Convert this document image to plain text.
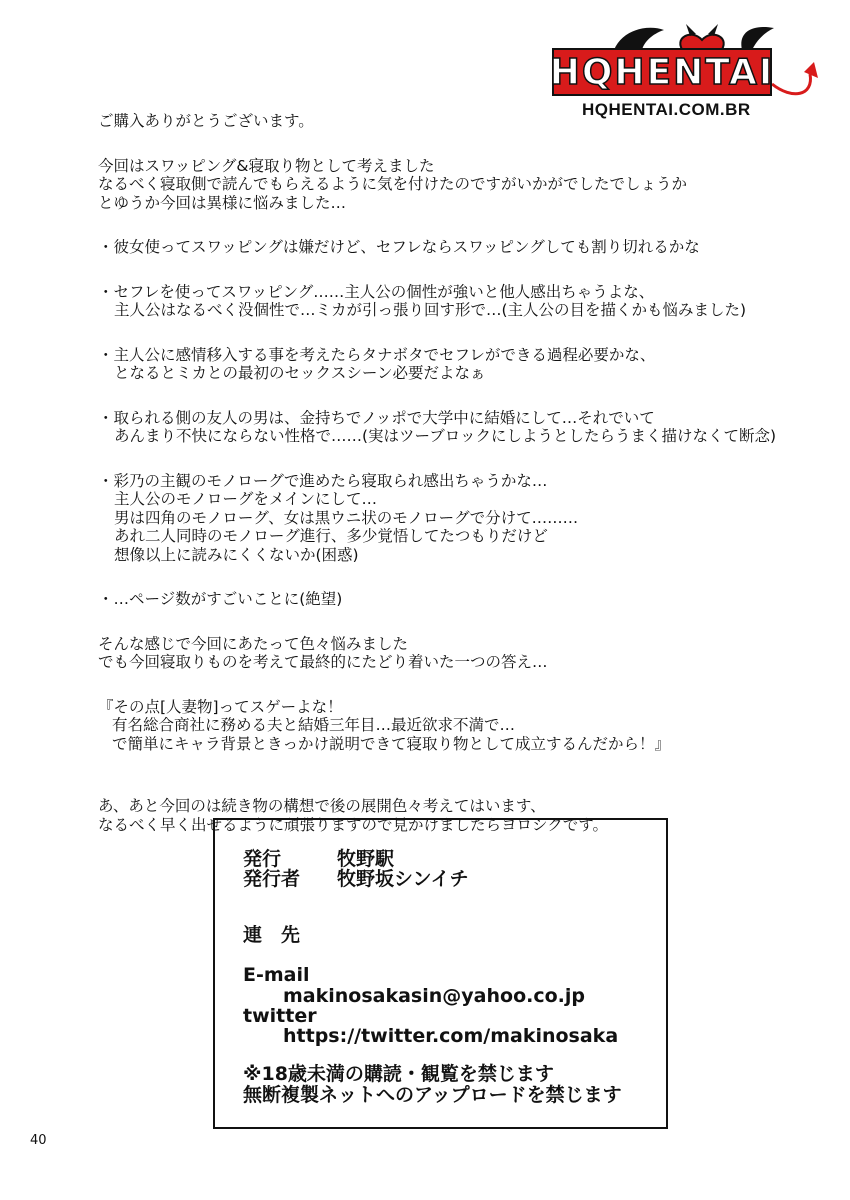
HQHENTAI
HQHENTAI.COM.BR
ご購入ありがとうございます。
今回はスワッピング&寝取り物として考えました
なるべく寝取側で読んでもらえるように気を付けたのですがいかがでしたでしょうか
とゆうか今回は異様に悩みました…
・彼女使ってスワッピングは嫌だけど、セフレならスワッピングしても割り切れるかな
・セフレを使ってスワッピング……主人公の個性が強いと他人感出ちゃうよな、
主人公はなるべく没個性で…ミカが引っ張り回す形で…(主人公の目を描くかも悩みました)
・主人公に感情移入する事を考えたらタナボタでセフレができる過程必要かな、
となるとミカとの最初のセックスシーン必要だよなぁ
・取られる側の友人の男は、金持ちでノッポで大学中に結婚にして…それでいて
あんまり不快にならない性格で……(実はツーブロックにしようとしたらうまく描けなくて断念)
・彩乃の主観のモノローグで進めたら寝取られ感出ちゃうかな…
主人公のモノローグをメインにして…
男は四角のモノローグ、女は黒ウニ状のモノローグで分けて………
あれ二人同時のモノローグ進行、多少覚悟してたつもりだけど
想像以上に読みにくくないか(困惑)
・…ページ数がすごいことに(絶望)
そんな感じで今回にあたって色々悩みました
でも今回寝取りものを考えて最終的にたどり着いた一つの答え…
『その点[人妻物]ってスゲーよな！
有名総合商社に務める夫と結婚三年目…最近欲求不満で…
で簡単にキャラ背景ときっかけ説明できて寝取り物として成立するんだから！』
あ、あと今回のは続き物の構想で後の展開色々考えてはいます、
なるべく早く出せるように頑張りますので見かけましたらヨロシクです。
発行	牧野駅
発行者 牧野坂シンイチ
連　先
E-mail
makinosakasin@yahoo.co.jp
twitter
https://twitter.com/makinosaka
※18歳未満の購読・観覧を禁じます
無断複製ネットへのアップロードを禁じます
40
